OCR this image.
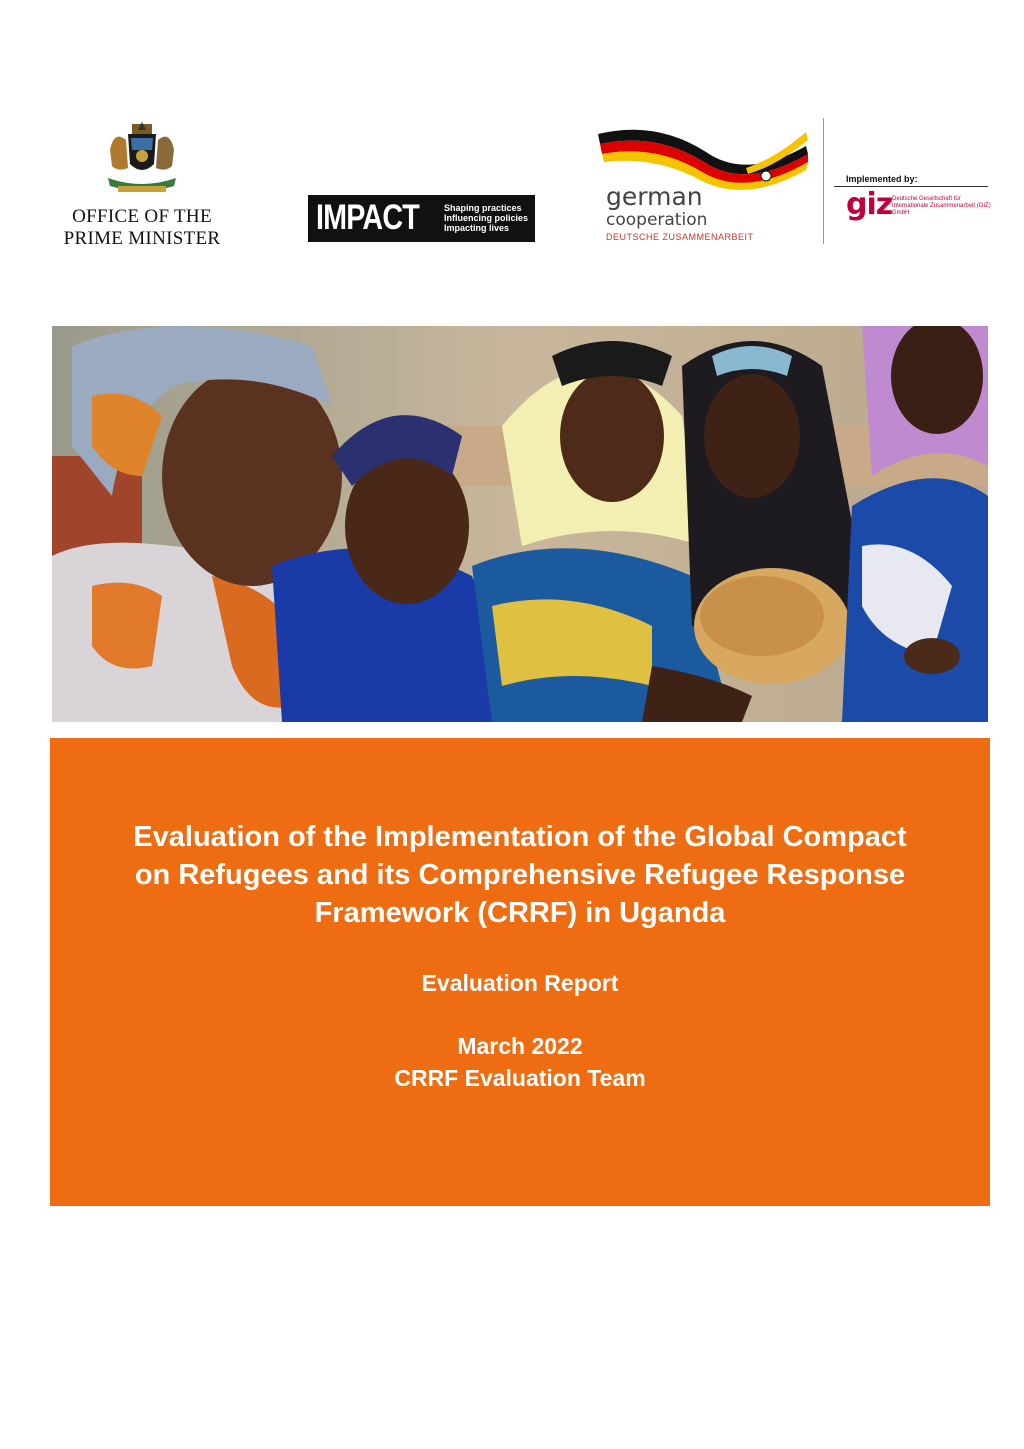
OFFICE OF THE
PRIME MINISTER
IMPACT	Shaping practices
Influencing policies
Impacting lives
german
cooperation
DEUTSCHE ZUSAMMENARBEIT
Implemented by:
giz Deutsche Gesellschaft für Internationale Zusammenarbeit (GIZ) GmbH
Evaluation of the Implementation of the Global Compact
on Refugees and its Comprehensive Refugee Response
Framework (CRRF) in Uganda
Evaluation Report
March 2022
CRRF Evaluation Team
